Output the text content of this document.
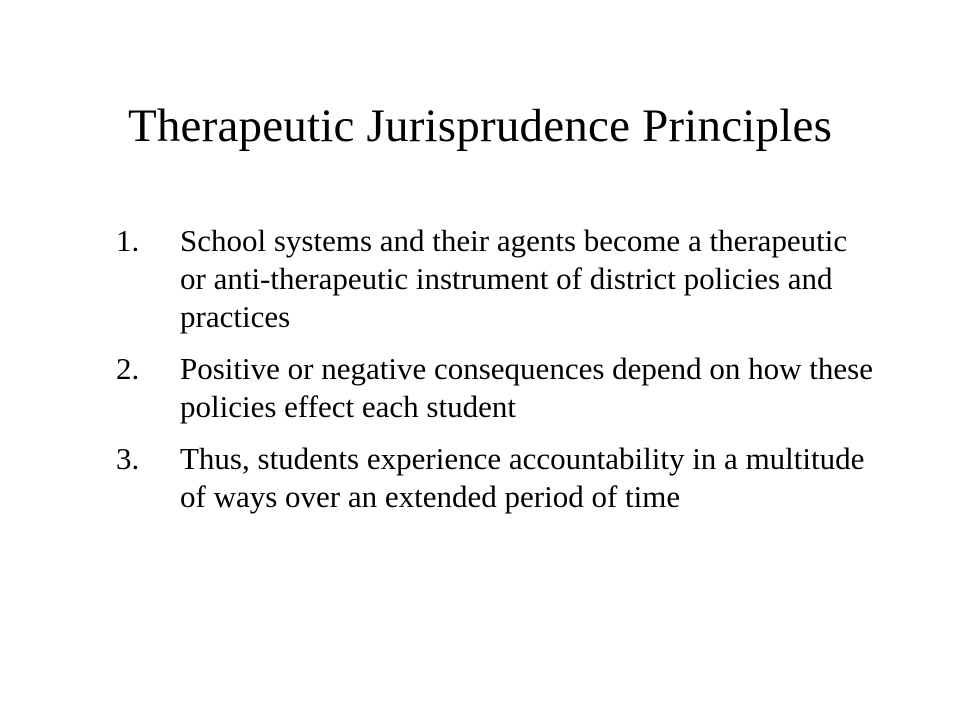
Therapeutic Jurisprudence Principles
1.	School systems and their agents become a therapeutic or anti-therapeutic instrument of district policies and practices
2.	Positive or negative consequences depend on how these policies effect each student
3.	Thus, students experience accountability in a multitude of ways over an extended period of time
